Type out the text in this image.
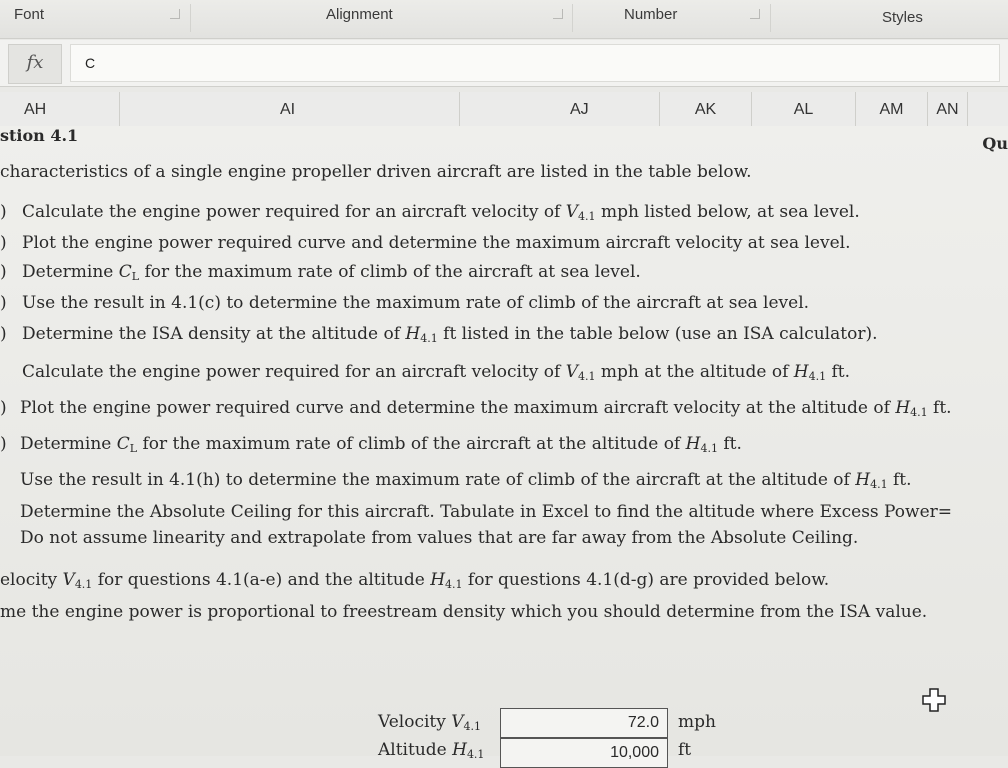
Font	Alignment	Number	Styles
fx	C
AH	AI	AJ	AK	AL	AM	AN
stion 4.1	Qu
characteristics of a single engine propeller driven aircraft are listed in the table below.
) Calculate the engine power required for an aircraft velocity of $V_{4.1}$ mph listed below, at sea level.
) Plot the engine power required curve and determine the maximum aircraft velocity at sea level.
) Determine $C_L$ for the maximum rate of climb of the aircraft at sea level.
) Use the result in 4.1(c) to determine the maximum rate of climb of the aircraft at sea level.
) Determine the ISA density at the altitude of $H_{4.1}$ ft listed in the table below (use an ISA calculator).
Calculate the engine power required for an aircraft velocity of $V_{4.1}$ mph at the altitude of $H_{4.1}$ ft.
) Plot the engine power required curve and determine the maximum aircraft velocity at the altitude of $H_{4.1}$ ft.
) Determine $C_L$ for the maximum rate of climb of the aircraft at the altitude of $H_{4.1}$ ft.
Use the result in 4.1(h) to determine the maximum rate of climb of the aircraft at the altitude of $H_{4.1}$ ft.
Determine the Absolute Ceiling for this aircraft. Tabulate in Excel to find the altitude where Excess Power=
Do not assume linearity and extrapolate from values that are far away from the Absolute Ceiling.
elocity $V_{4.1}$ for questions 4.1(a-e) and the altitude $H_{4.1}$ for questions 4.1(d-g) are provided below.
me the engine power is proportional to freestream density which you should determine from the ISA value.
Velocity $V_{4.1}$	72.0	mph
Altitude $H_{4.1}$	10,000	ft
